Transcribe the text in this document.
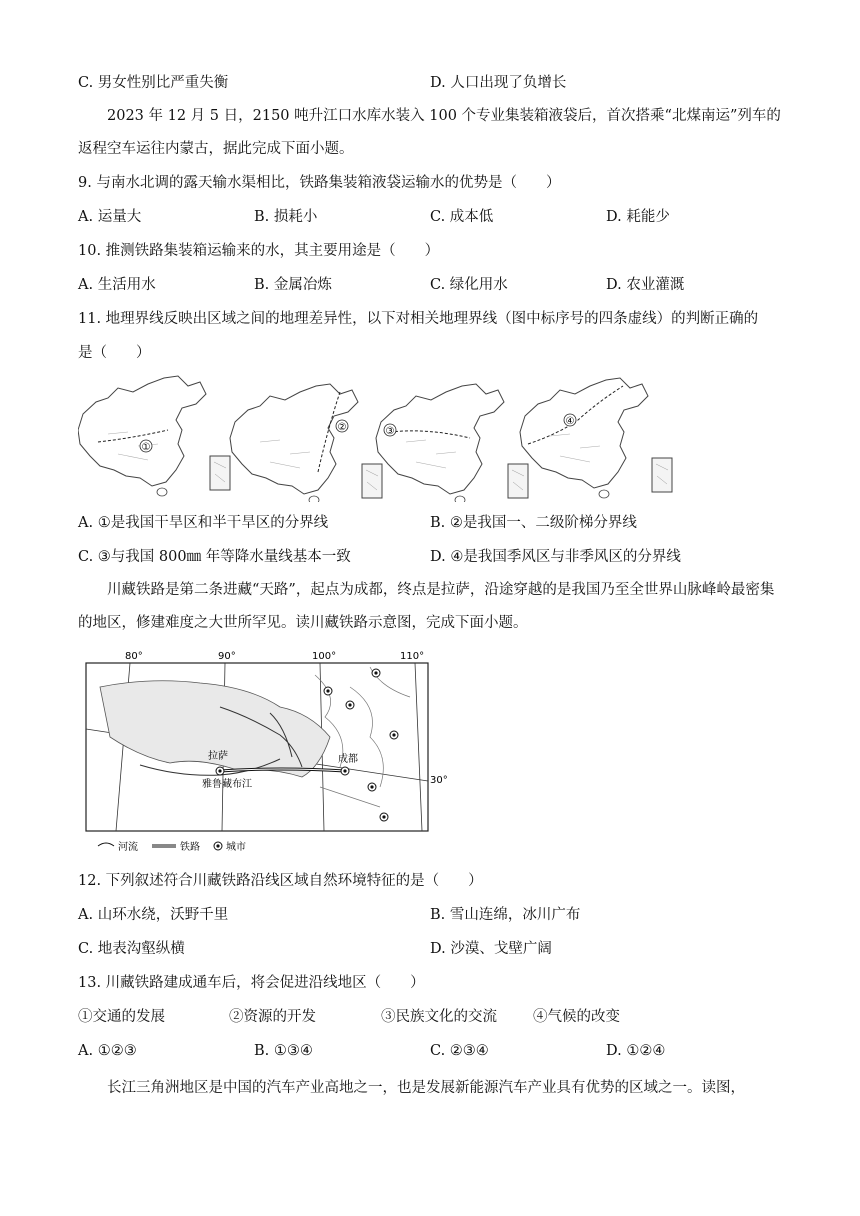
C. 男女性别比严重失衡	D. 人口出现了负增长

2023 年 12 月 5 日，2150 吨升江口水库水装入 100 个专业集装箱液袋后，首次搭乘“北煤南运”列车的返程空车运往内蒙古，据此完成下面小题。

9. 与南水北调的露天输水渠相比，铁路集装箱液袋运输水的优势是（　　）
A. 运量大	B. 损耗小	C. 成本低	D. 耗能少
10. 推测铁路集装箱运输来的水，其主要用途是（　　）
A. 生活用水	B. 金属冶炼	C. 绿化用水	D. 农业灌溉
11. 地理界线反映出区域之间的地理差异性，以下对相关地理界线（图中标序号的四条虚线）的判断正确的
是（　　）
①
②	③
④
A. ①是我国干旱区和半干旱区的分界线	B. ②是我国一、二级阶梯分界线
C. ③与我国 800㎜ 年等降水量线基本一致	D. ④是我国季风区与非季风区的分界线

川藏铁路是第二条进藏“天路”，起点为成都，终点是拉萨，沿途穿越的是我国乃至全世界山脉峰岭最密集的地区，修建难度之大世所罕见。读川藏铁路示意图，完成下面小题。

80°	90°	100°	110°
30°
拉萨	成都
雅鲁藏布江
河流	铁路	城市
12. 下列叙述符合川藏铁路沿线区域自然环境特征的是（　　）
A. 山环水绕，沃野千里	B. 雪山连绵，冰川广布
C. 地表沟壑纵横	D. 沙漠、戈壁广阔
13. 川藏铁路建成通车后，将会促进沿线地区（　　）
①交通的发展	②资源的开发	③民族文化的交流 ④气候的改变
A. ①②③	B. ①③④	C. ②③④	D. ①②④

长江三角洲地区是中国的汽车产业高地之一，也是发展新能源汽车产业具有优势的区域之一。读图，
